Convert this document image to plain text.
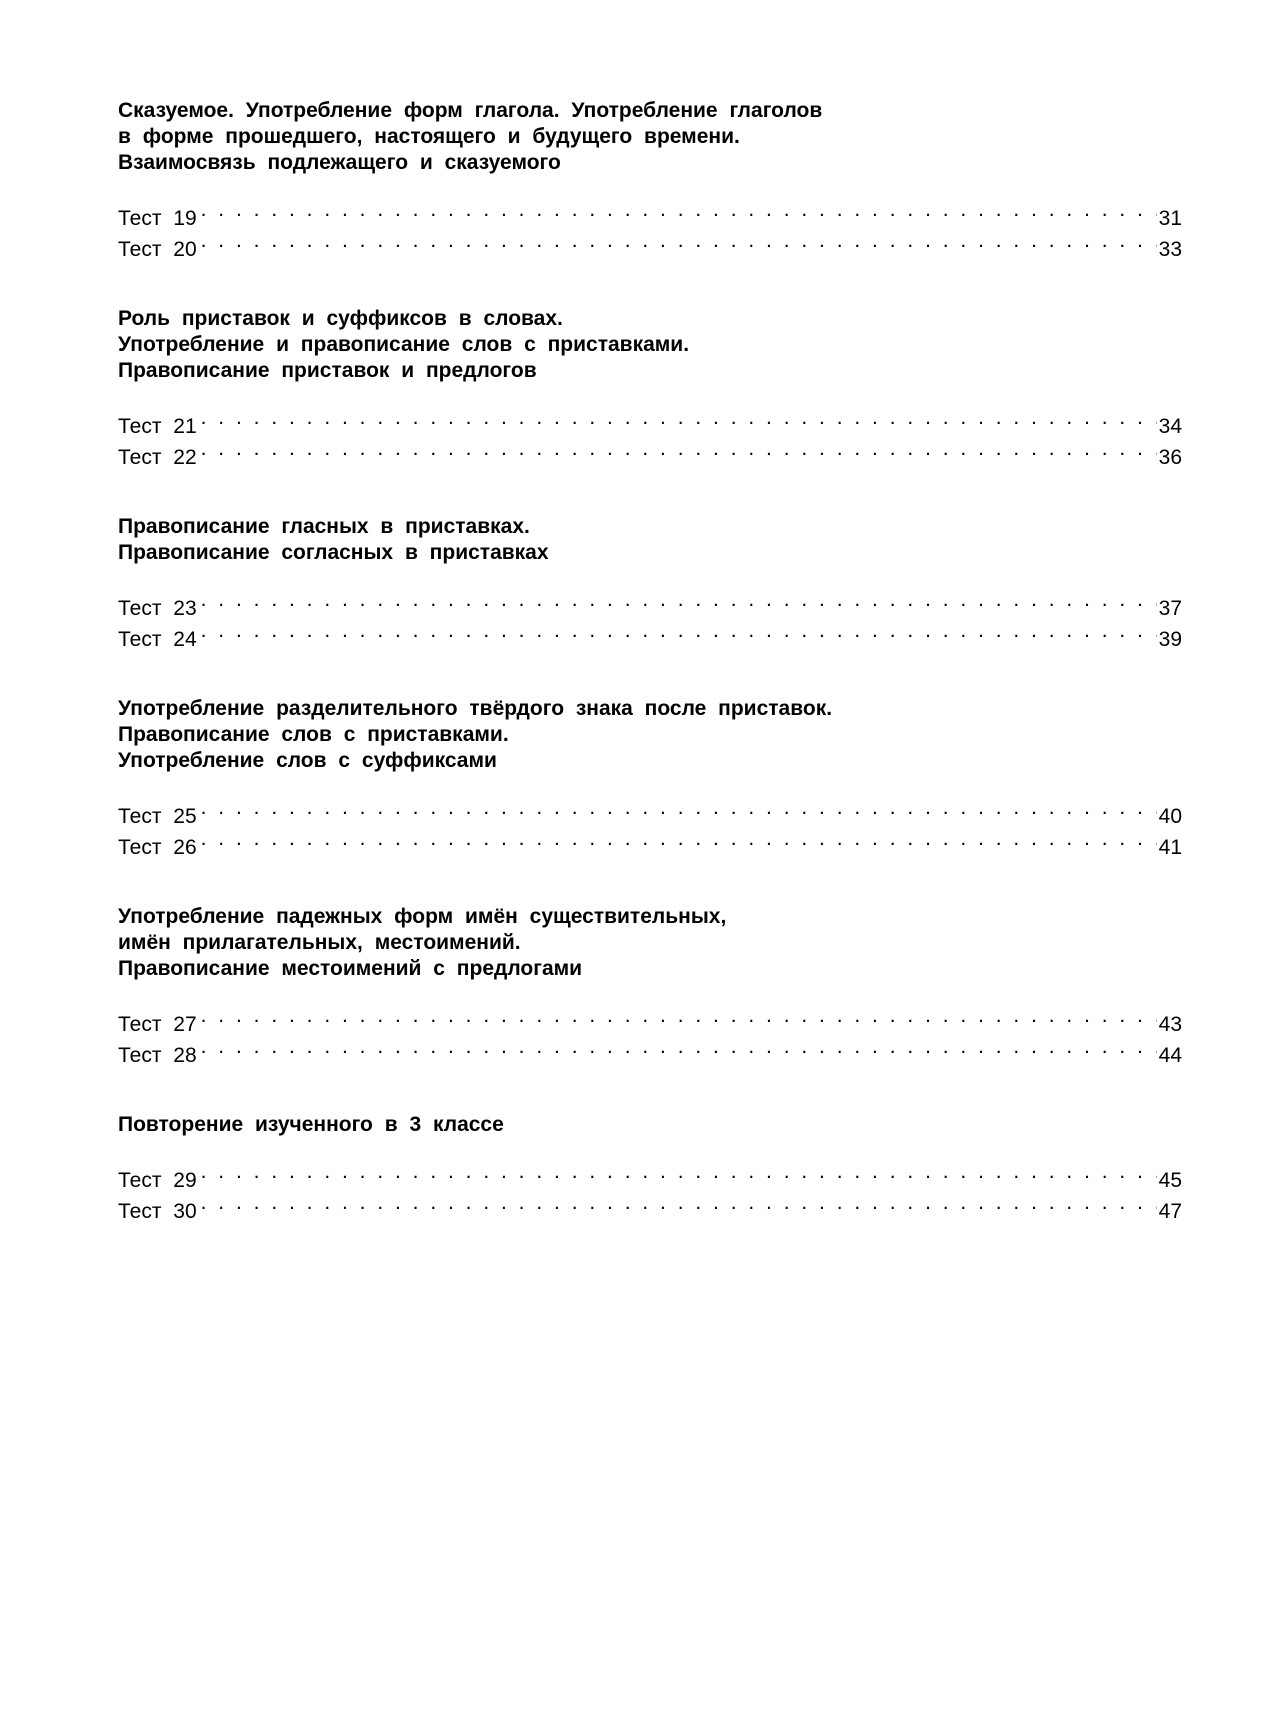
Сказуемое. Употребление форм глагола. Употребление глаголов
в форме прошедшего, настоящего и будущего времени.
Взаимосвязь подлежащего и сказуемого
Тест 19 . . .	31
Тест 20 . . .	33
Роль приставок и суффиксов в словах.
Употребление и правописание слов с приставками.
Правописание приставок и предлогов
Тест 21 . . .	34
Тест 22 . . .	36
Правописание гласных в приставках.
Правописание согласных в приставках
Тест 23 . . .	37
Тест 24 . . .	39
Употребление разделительного твёрдого знака после приставок.
Правописание слов с приставками.
Употребление слов с суффиксами
Тест 25 . . .	40
Тест 26 . . .	41
Употребление падежных форм имён существительных,
имён прилагательных, местоимений.
Правописание местоимений с предлогами
Тест 27 . . .	43
Тест 28 . . .	44
Повторение изученного в 3 классе
Тест 29 . . .	45
Тест 30 . . .	47
